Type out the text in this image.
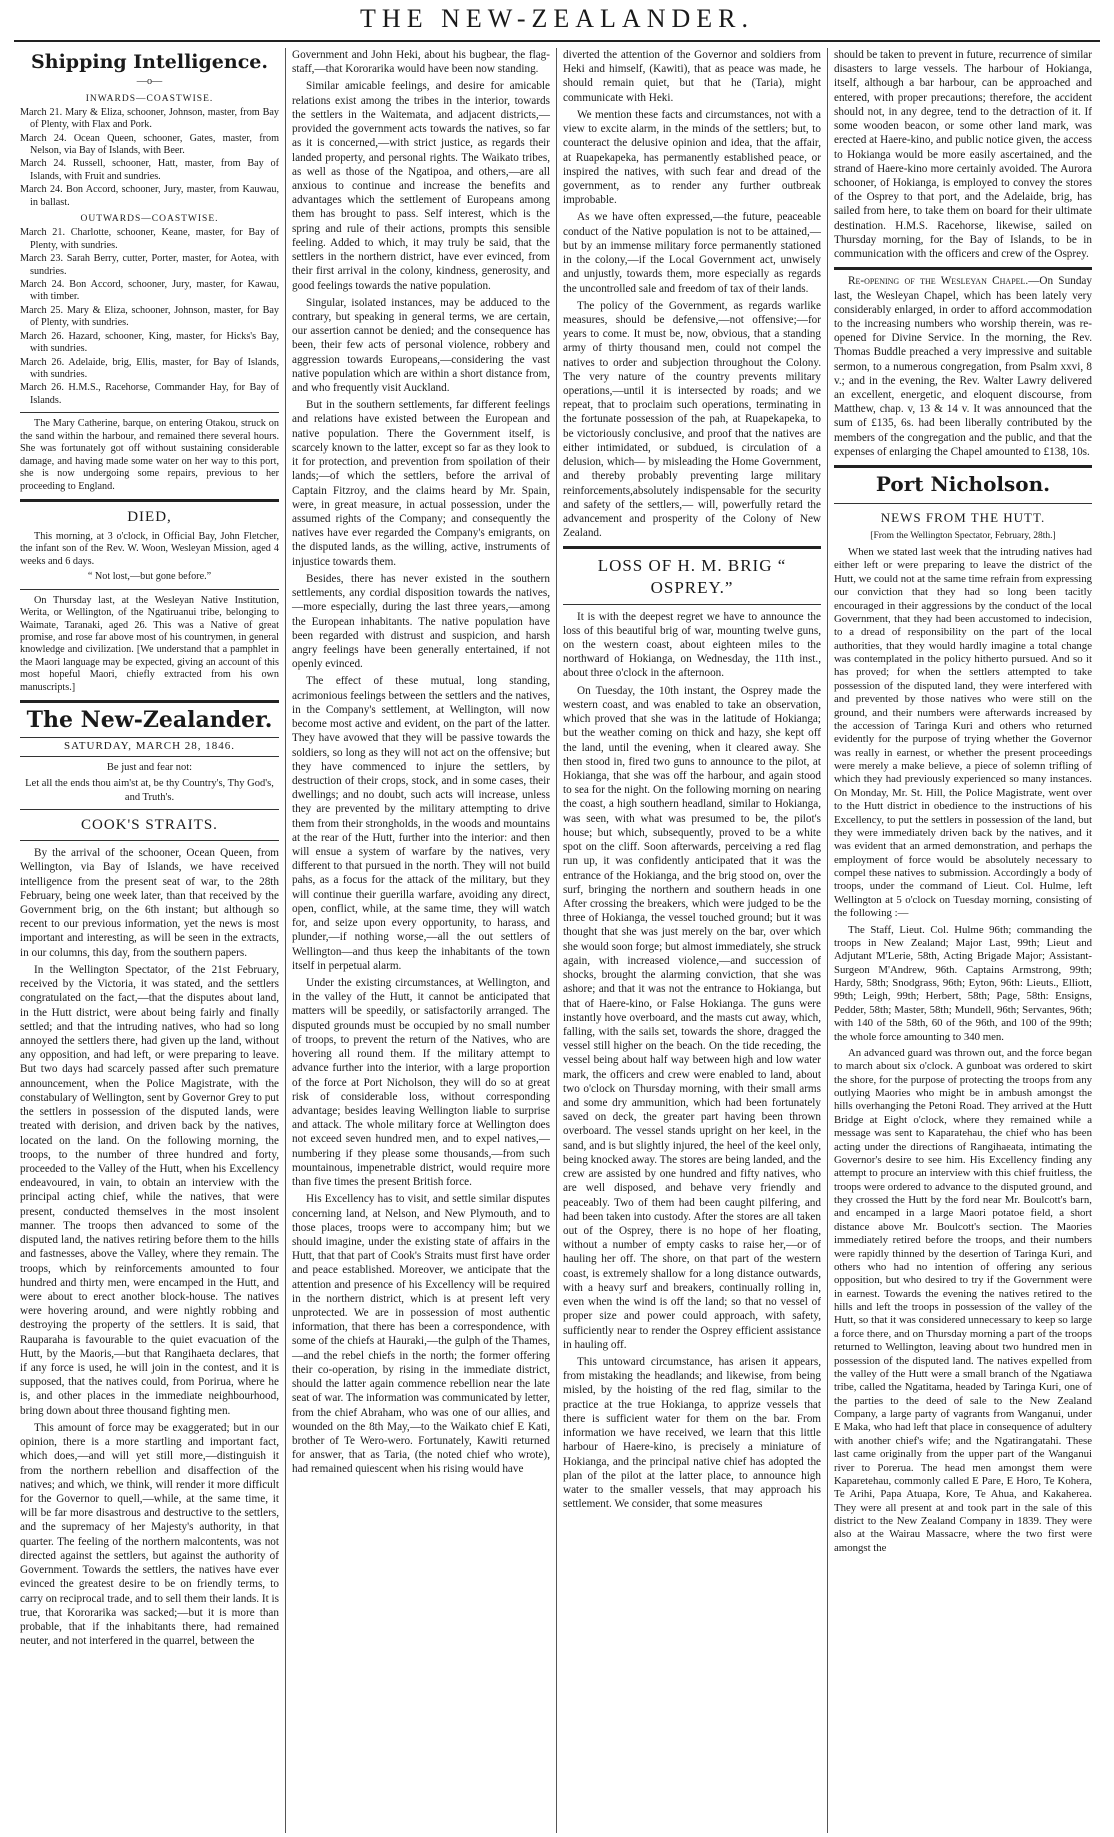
THE NEW-ZEALANDER.
Shipping Intelligence.
—o—
INWARDS—COASTWISE.

March 21. Mary & Eliza, schooner, Johnson, master, from Bay of Plenty, with Flax and Pork.

March 24. Ocean Queen, schooner, Gates, master, from Nelson, via Bay of Islands, with Beer.

March 24. Russell, schooner, Hatt, master, from Bay of Islands, with Fruit and sundries.

March 24. Bon Accord, schooner, Jury, master, from Kauwau, in ballast.

OUTWARDS—COASTWISE.

March 21. Charlotte, schooner, Keane, master, for Bay of Plenty, with sundries.

March 23. Sarah Berry, cutter, Porter, master, for Aotea, with sundries.

March 24. Bon Accord, schooner, Jury, master, for Kawau, with timber.

March 25. Mary & Eliza, schooner, Johnson, master, for Bay of Plenty, with sundries.

March 26. Hazard, schooner, King, master, for Hicks's Bay, with sundries.

March 26. Adelaide, brig, Ellis, master, for Bay of Islands, with sundries.

March 26. H.M.S., Racehorse, Commander Hay, for Bay of Islands.

The Mary Catherine, barque, on entering Otakou, struck on the sand within the harbour, and remained there several hours. She was fortunately got off without sustaining considerable damage, and having made some water on her way to this port, she is now undergoing some repairs, previous to her proceeding to England.

DIED,

This morning, at 3 o'clock, in Official Bay, John Fletcher, the infant son of the Rev. W. Woon, Wesleyan Mission, aged 4 weeks and 6 days.

“ Not lost,—but gone before.”

On Thursday last, at the Wesleyan Native Institution, Werita, or Wellington, of the Ngatiruanui tribe, belonging to Waimate, Taranaki, aged 26. This was a Native of great promise, and rose far above most of his countrymen, in general knowledge and civilization. [We understand that a pamphlet in the Maori language may be expected, giving an account of this most hopeful Maori, chiefly extracted from his own manuscripts.]

The New-Zealander.
SATURDAY, MARCH 28, 1846.
Be just and fear not:
Let all the ends thou aim'st at, be thy Country's, Thy God's, and Truth's.
COOK'S STRAITS.

By the arrival of the schooner, Ocean Queen, from Wellington, via Bay of Islands, we have received intelligence from the present seat of war, to the 28th February, being one week later, than that received by the Government brig, on the 6th instant; but although so recent to our previous information, yet the news is most important and interesting, as will be seen in the extracts, in our columns, this day, from the southern papers.

In the Wellington Spectator, of the 21st February, received by the Victoria, it was stated, and the settlers congratulated on the fact,—that the disputes about land, in the Hutt district, were about being fairly and finally settled; and that the intruding natives, who had so long annoyed the settlers there, had given up the land, without any opposition, and had left, or were preparing to leave. But two days had scarcely passed after such premature announcement, when the Police Magistrate, with the constabulary of Wellington, sent by Governor Grey to put the settlers in possession of the disputed lands, were treated with derision, and driven back by the natives, located on the land. On the following morning, the troops, to the number of three hundred and forty, proceeded to the Valley of the Hutt, when his Excellency endeavoured, in vain, to obtain an interview with the principal acting chief, while the natives, that were present, conducted themselves in the most insolent manner. The troops then advanced to some of the disputed land, the natives retiring before them to the hills and fastnesses, above the Valley, where they remain. The troops, which by reinforcements amounted to four hundred and thirty men, were encamped in the Hutt, and were about to erect another block-house. The natives were hovering around, and were nightly robbing and destroying the property of the settlers. It is said, that Rauparaha is favourable to the quiet evacuation of the Hutt, by the Maoris,—but that Rangihaeta declares, that if any force is used, he will join in the contest, and it is supposed, that the natives could, from Porirua, where he is, and other places in the immediate neighbourhood, bring down about three thousand fighting men.

This amount of force may be exaggerated; but in our opinion, there is a more startling and important fact, which does,—and will yet still more,—distinguish it from the northern rebellion and disaffection of the natives; and which, we think, will render it more difficult for the Governor to quell,—while, at the same time, it will be far more disastrous and destructive to the settlers, and the supremacy of her Majesty's authority, in that quarter. The feeling of the northern malcontents, was not directed against the settlers, but against the authority of Government. Towards the settlers, the natives have ever evinced the greatest desire to be on friendly terms, to carry on reciprocal trade, and to sell them their lands. It is true, that Kororarika was sacked;—but it is more than probable, that if the inhabitants there, had remained neuter, and not interfered in the quarrel, between the

Government and John Heki, about his bugbear, the flag-staff,—that Kororarika would have been now standing.

Similar amicable feelings, and desire for amicable relations exist among the tribes in the interior, towards the settlers in the Waitemata, and adjacent districts,—provided the government acts towards the natives, so far as it is concerned,—with strict justice, as regards their landed property, and personal rights. The Waikato tribes, as well as those of the Ngatipoa, and others,—are all anxious to continue and increase the benefits and advantages which the settlement of Europeans among them has brought to pass. Self interest, which is the spring and rule of their actions, prompts this sensible feeling. Added to which, it may truly be said, that the settlers in the northern district, have ever evinced, from their first arrival in the colony, kindness, generosity, and good feelings towards the native population.

Singular, isolated instances, may be adduced to the contrary, but speaking in general terms, we are certain, our assertion cannot be denied; and the consequence has been, their few acts of personal violence, robbery and aggression towards Europeans,—considering the vast native population which are within a short distance from, and who frequently visit Auckland.

But in the southern settlements, far different feelings and relations have existed between the European and native population. There the Government itself, is scarcely known to the latter, except so far as they look to it for protection, and prevention from spoilation of their lands;—of which the settlers, before the arrival of Captain Fitzroy, and the claims heard by Mr. Spain, were, in great measure, in actual possession, under the assumed rights of the Company; and consequently the natives have ever regarded the Company's emigrants, on the disputed lands, as the willing, active, instruments of injustice towards them.

Besides, there has never existed in the southern settlements, any cordial disposition towards the natives,—more especially, during the last three years,—among the European inhabitants. The native population have been regarded with distrust and suspicion, and harsh angry feelings have been generally entertained, if not openly evinced.

The effect of these mutual, long standing, acrimonious feelings between the settlers and the natives, in the Company's settlement, at Wellington, will now become most active and evident, on the part of the latter. They have avowed that they will be passive towards the soldiers, so long as they will not act on the offensive; but they have commenced to injure the settlers, by destruction of their crops, stock, and in some cases, their dwellings; and no doubt, such acts will increase, unless they are prevented by the military attempting to drive them from their strongholds, in the woods and mountains at the rear of the Hutt, further into the interior: and then will ensue a system of warfare by the natives, very different to that pursued in the north. They will not build pahs, as a focus for the attack of the military, but they will continue their guerilla warfare, avoiding any direct, open, conflict, while, at the same time, they will watch for, and seize upon every opportunity, to harass, and plunder,—if nothing worse,—all the out settlers of Wellington—and thus keep the inhabitants of the town itself in perpetual alarm.

Under the existing circumstances, at Wellington, and in the valley of the Hutt, it cannot be anticipated that matters will be speedily, or satisfactorily arranged. The disputed grounds must be occupied by no small number of troops, to prevent the return of the Natives, who are hovering all round them. If the military attempt to advance further into the interior, with a large proportion of the force at Port Nicholson, they will do so at great risk of considerable loss, without corresponding advantage; besides leaving Wellington liable to surprise and attack. The whole military force at Wellington does not exceed seven hundred men, and to expel natives,—numbering if they please some thousands,—from such mountainous, impenetrable district, would require more than five times the present British force.

His Excellency has to visit, and settle similar disputes concerning land, at Nelson, and New Plymouth, and to those places, troops were to accompany him; but we should imagine, under the existing state of affairs in the Hutt, that that part of Cook's Straits must first have order and peace established. Moreover, we anticipate that the attention and presence of his Excellency will be required in the northern district, which is at present left very unprotected. We are in possession of most authentic information, that there has been a correspondence, with some of the chiefs at Hauraki,—the gulph of the Thames,—and the rebel chiefs in the north; the former offering their co-operation, by rising in the immediate district, should the latter again commence rebellion near the late seat of war. The information was communicated by letter, from the chief Abraham, who was one of our allies, and wounded on the 8th May,—to the Waikato chief E Kati, brother of Te Wero-wero. Fortunately, Kawiti returned for answer, that as Taria, (the noted chief who wrote), had remained quiescent when his rising would have

diverted the attention of the Governor and soldiers from Heki and himself, (Kawiti), that as peace was made, he should remain quiet, but that he (Taria), might communicate with Heki.

We mention these facts and circumstances, not with a view to excite alarm, in the minds of the settlers; but, to counteract the delusive opinion and idea, that the affair, at Ruapekapeka, has permanently established peace, or inspired the natives, with such fear and dread of the government, as to render any further outbreak improbable.

As we have often expressed,—the future, peaceable conduct of the Native population is not to be attained,—but by an immense military force permanently stationed in the colony,—if the Local Government act, unwisely and unjustly, towards them, more especially as regards the uncontrolled sale and freedom of tax of their lands.

The policy of the Government, as regards warlike measures, should be defensive,—not offensive;—for years to come. It must be, now, obvious, that a standing army of thirty thousand men, could not compel the natives to order and subjection throughout the Colony. The very nature of the country prevents military operations,—until it is intersected by roads; and we repeat, that to proclaim such operations, terminating in the fortunate possession of the pah, at Ruapekapeka, to be victoriously conclusive, and proof that the natives are either intimidated, or subdued, is circulation of a delusion, which— by misleading the Home Government, and thereby probably preventing large military reinforcements,absolutely indispensable for the security and safety of the settlers,— will, powerfully retard the advancement and prosperity of the Colony of New Zealand.

LOSS OF H. M. BRIG “ OSPREY.”

It is with the deepest regret we have to announce the loss of this beautiful brig of war, mounting twelve guns, on the western coast, about eighteen miles to the northward of Hokianga, on Wednesday, the 11th inst., about three o'clock in the afternoon.

On Tuesday, the 10th instant, the Osprey made the western coast, and was enabled to take an observation, which proved that she was in the latitude of Hokianga; but the weather coming on thick and hazy, she kept off the land, until the evening, when it cleared away. She then stood in, fired two guns to announce to the pilot, at Hokianga, that she was off the harbour, and again stood to sea for the night. On the following morning on nearing the coast, a high southern headland, similar to Hokianga, was seen, with what was presumed to be, the pilot's house; but which, subsequently, proved to be a white spot on the cliff. Soon afterwards, perceiving a red flag run up, it was confidently anticipated that it was the entrance of the Hokianga, and the brig stood on, over the surf, bringing the northern and southern heads in one After crossing the breakers, which were judged to be the three of Hokianga, the vessel touched ground; but it was thought that she was just merely on the bar, over which she would soon forge; but almost immediately, she struck again, with increased violence,—and succession of shocks, brought the alarming conviction, that she was ashore; and that it was not the entrance to Hokianga, but that of Haere-kino, or False Hokianga. The guns were instantly hove overboard, and the masts cut away, which, falling, with the sails set, towards the shore, dragged the vessel still higher on the beach. On the tide receding, the vessel being about half way between high and low water mark, the officers and crew were enabled to land, about two o'clock on Thursday morning, with their small arms and some dry ammunition, which had been fortunately saved on deck, the greater part having been thrown overboard. The vessel stands upright on her keel, in the sand, and is but slightly injured, the heel of the keel only, being knocked away. The stores are being landed, and the crew are assisted by one hundred and fifty natives, who are well disposed, and behave very friendly and peaceably. Two of them had been caught pilfering, and had been taken into custody. After the stores are all taken out of the Osprey, there is no hope of her floating, without a number of empty casks to raise her,—or of hauling her off. The shore, on that part of the western coast, is extremely shallow for a long distance outwards, with a heavy surf and breakers, continually rolling in, even when the wind is off the land; so that no vessel of proper size and power could approach, with safety, sufficiently near to render the Osprey efficient assistance in hauling off.

This untoward circumstance, has arisen it appears, from mistaking the headlands; and likewise, from being misled, by the hoisting of the red flag, similar to the practice at the true Hokianga, to apprize vessels that there is sufficient water for them on the bar. From information we have received, we learn that this little harbour of Haere-kino, is precisely a miniature of Hokianga, and the principal native chief has adopted the plan of the pilot at the latter place, to announce high water to the smaller vessels, that may approach his settlement. We consider, that some measures

should be taken to prevent in future, recurrence of similar disasters to large vessels. The harbour of Hokianga, itself, although a bar harbour, can be approached and entered, with proper precautions; therefore, the accident should not, in any degree, tend to the detraction of it. If some wooden beacon, or some other land mark, was erected at Haere-kino, and public notice given, the access to Hokianga would be more easily ascertained, and the strand of Haere-kino more certainly avoided. The Aurora schooner, of Hokianga, is employed to convey the stores of the Osprey to that port, and the Adelaide, brig, has sailed from here, to take them on board for their ultimate destination. H.M.S. Racehorse, likewise, sailed on Thursday morning, for the Bay of Islands, to be in communication with the officers and crew of the Osprey.

Re-opening of the Wesleyan Chapel.—On Sunday last, the Wesleyan Chapel, which has been lately very considerably enlarged, in order to afford accommodation to the increasing numbers who worship therein, was re-opened for Divine Service. In the morning, the Rev. Thomas Buddle preached a very impressive and suitable sermon, to a numerous congregation, from Psalm xxvi, 8 v.; and in the evening, the Rev. Walter Lawry delivered an excellent, energetic, and eloquent discourse, from Matthew, chap. v, 13 & 14 v. It was announced that the sum of £135, 6s. had been liberally contributed by the members of the congregation and the public, and that the expenses of enlarging the Chapel amounted to £138, 10s.

Port Nicholson.
NEWS FROM THE HUTT.
[From the Wellington Spectator, February, 28th.]

When we stated last week that the intruding natives had either left or were preparing to leave the district of the Hutt, we could not at the same time refrain from expressing our conviction that they had so long been tacitly encouraged in their aggressions by the conduct of the local Government, that they had been accustomed to indecision, to a dread of responsibility on the part of the local authorities, that they would hardly imagine a total change was contemplated in the policy hitherto pursued. And so it has proved; for when the settlers attempted to take possession of the disputed land, they were interfered with and prevented by those natives who were still on the ground, and their numbers were afterwards increased by the accession of Taringa Kuri and others who returned evidently for the purpose of trying whether the Governor was really in earnest, or whether the present proceedings were merely a make believe, a piece of solemn trifling of which they had previously experienced so many instances. On Monday, Mr. St. Hill, the Police Magistrate, went over to the Hutt district in obedience to the instructions of his Excellency, to put the settlers in possession of the land, but they were immediately driven back by the natives, and it was evident that an armed demonstration, and perhaps the employment of force would be absolutely necessary to compel these natives to submission. Accordingly a body of troops, under the command of Lieut. Col. Hulme, left Wellington at 5 o'clock on Tuesday morning, consisting of the following :—

The Staff, Lieut. Col. Hulme 96th; commanding the troops in New Zealand; Major Last, 99th; Lieut and Adjutant M'Lerie, 58th, Acting Brigade Major; Assistant-Surgeon M'Andrew, 96th. Captains Armstrong, 99th; Hardy, 58th; Snodgrass, 96th; Eyton, 96th: Lieuts., Elliott, 99th; Leigh, 99th; Herbert, 58th; Page, 58th: Ensigns, Pedder, 58th; Master, 58th; Mundell, 96th; Servantes, 96th; with 140 of the 58th, 60 of the 96th, and 100 of the 99th; the whole force amounting to 340 men.

An advanced guard was thrown out, and the force began to march about six o'clock. A gunboat was ordered to skirt the shore, for the purpose of protecting the troops from any outlying Maories who might be in ambush amongst the hills overhanging the Petoni Road. They arrived at the Hutt Bridge at Eight o'clock, where they remained while a message was sent to Kaparatehau, the chief who has been acting under the directions of Rangihaeata, intimating the Governor's desire to see him. His Excellency finding any attempt to procure an interview with this chief fruitless, the troops were ordered to advance to the disputed ground, and they crossed the Hutt by the ford near Mr. Boulcott's barn, and encamped in a large Maori potatoe field, a short distance above Mr. Boulcott's section. The Maories immediately retired before the troops, and their numbers were rapidly thinned by the desertion of Taringa Kuri, and others who had no intention of offering any serious opposition, but who desired to try if the Government were in earnest. Towards the evening the natives retired to the hills and left the troops in possession of the valley of the Hutt, so that it was considered unnecessary to keep so large a force there, and on Thursday morning a part of the troops returned to Wellington, leaving about two hundred men in possession of the disputed land. The natives expelled from the valley of the Hutt were a small branch of the Ngatiawa tribe, called the Ngatitama, headed by Taringa Kuri, one of the parties to the deed of sale to the New Zealand Company, a large party of vagrants from Wanganui, under E Maka, who had left that place in consequence of adultery with another chief's wife; and the Ngatirangatahi. These last came originally from the upper part of the Wanganui river to Porerua. The head men amongst them were Kaparetehau, commonly called E Pare, E Horo, Te Kohera, Te Arihi, Papa Atuapa, Kore, Te Ahua, and Kakaherea. They were all present at and took part in the sale of this district to the New Zealand Company in 1839. They were also at the Wairau Massacre, where the two first were amongst the
